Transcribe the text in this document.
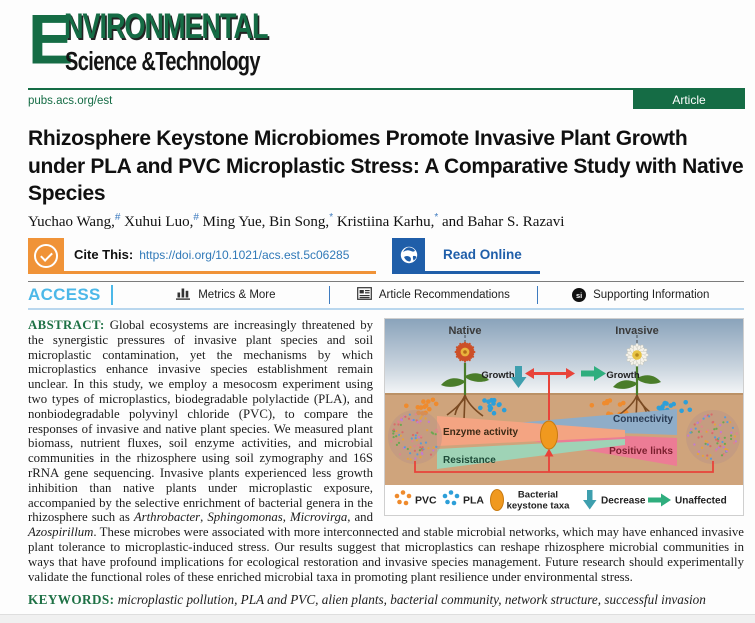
E
NVIRONMENTAL
Science &Technology
pubs.acs.org/est	Article
Rhizosphere Keystone Microbiomes Promote Invasive Plant Growth under PLA and PVC Microplastic Stress: A Comparative Study with Native Species
Yuchao Wang,# Xuhui Luo,# Ming Yue, Bin Song,* Kristiina Karhu,* and Bahar S. Razavi
Cite This: https://doi.org/10.1021/acs.est.5c06285	Read Online
ACCESS	Metrics & More	Article Recommendations	si Supporting Information
Native	Invasive
Growth	Growth
Enzyme activity
Resistance
Connectivity
Positive links
PVC	PLA	Bacterial
keystone taxa	Decrease	Unaffected
ABSTRACT: Global ecosystems are increasingly threatened by the synergistic pressures of invasive plant species and soil microplastic contamination, yet the mechanisms by which microplastics enhance invasive species establishment remain unclear. In this study, we employ a mesocosm experiment using two types of microplastics, biodegradable polylactide (PLA), and nonbiodegradable polyvinyl chloride (PVC), to compare the responses of invasive and native plant species. We measured plant biomass, nutrient fluxes, soil enzyme activities, and microbial communities in the rhizosphere using soil zymography and 16S rRNA gene sequencing. Invasive plants experienced less growth inhibition than native plants under microplastic exposure, accompanied by the selective enrichment of bacterial genera in the rhizosphere such as Arthrobacter, Sphingomonas, Microvirga, and Azospirillum. These microbes were associated with more interconnected and stable microbial networks, which may have enhanced invasive plant tolerance to microplastic-induced stress. Our results suggest that microplastics can reshape rhizosphere microbial communities in ways that have profound implications for ecological restoration and invasive species management. Future research should experimentally validate the functional roles of these enriched microbial taxa in promoting plant resilience under environmental stress.
KEYWORDS: microplastic pollution, PLA and PVC, alien plants, bacterial community, network structure, successful invasion
